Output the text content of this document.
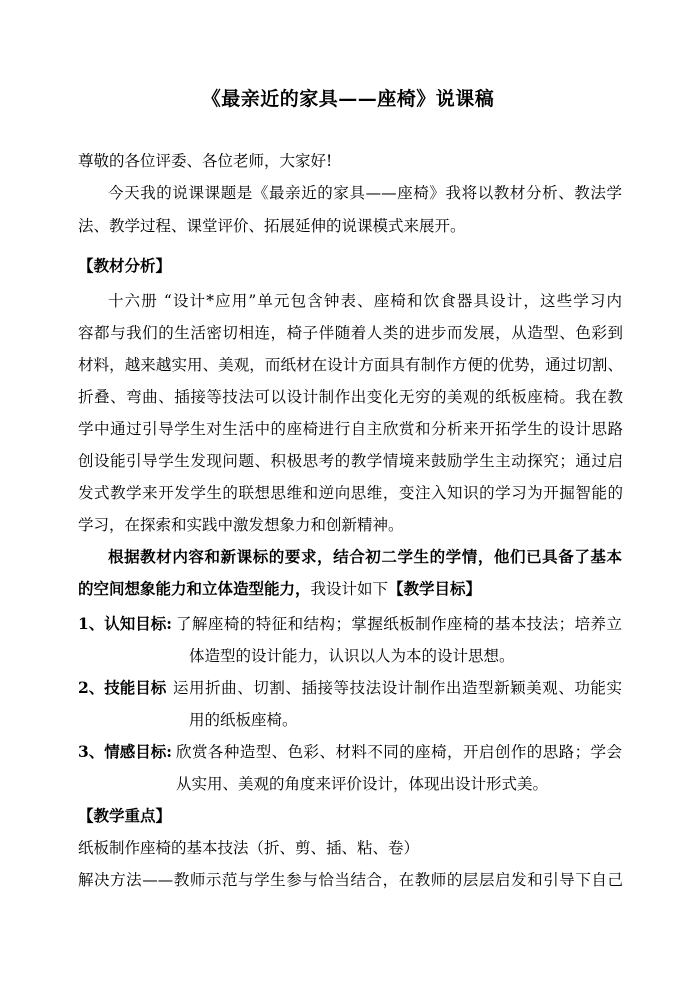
《最亲近的家具——座椅》说课稿
尊敬的各位评委、各位老师，大家好!
今天我的说课课题是《最亲近的家具——座椅》我将以教材分析、教法学
法、教学过程、课堂评价、拓展延伸的说课模式来展开。
【教材分析】
十六册 “设计*应用”单元包含钟表、座椅和饮食器具设计，这些学习内
容都与我们的生活密切相连，椅子伴随着人类的进步而发展，从造型、色彩到
材料，越来越实用、美观，而纸材在设计方面具有制作方便的优势，通过切割、
折叠、弯曲、插接等技法可以设计制作出变化无穷的美观的纸板座椅。我在教
学中通过引导学生对生活中的座椅进行自主欣赏和分析来开拓学生的设计思路
创设能引导学生发现问题、积极思考的教学情境来鼓励学生主动探究；通过启
发式教学来开发学生的联想思维和逆向思维，变注入知识的学习为开掘智能的
学习，在探索和实践中激发想象力和创新精神。
根据教材内容和新课标的要求，结合初二学生的学情，他们已具备了基本
的空间想象能力和立体造型能力，我设计如下【教学目标】
1、认知目标: 了解座椅的特征和结构；掌握纸板制作座椅的基本技法；培养立
体造型的设计能力，认识以人为本的设计思想。
2、技能目标 运用折曲、切割、插接等技法设计制作出造型新颖美观、功能实
用的纸板座椅。
3、情感目标: 欣赏各种造型、色彩、材料不同的座椅，开启创作的思路；学会
从实用、美观的角度来评价设计，体现出设计形式美。
【教学重点】
纸板制作座椅的基本技法（折、剪、插、粘、卷）
解决方法——教师示范与学生参与恰当结合，在教师的层层启发和引导下自己
